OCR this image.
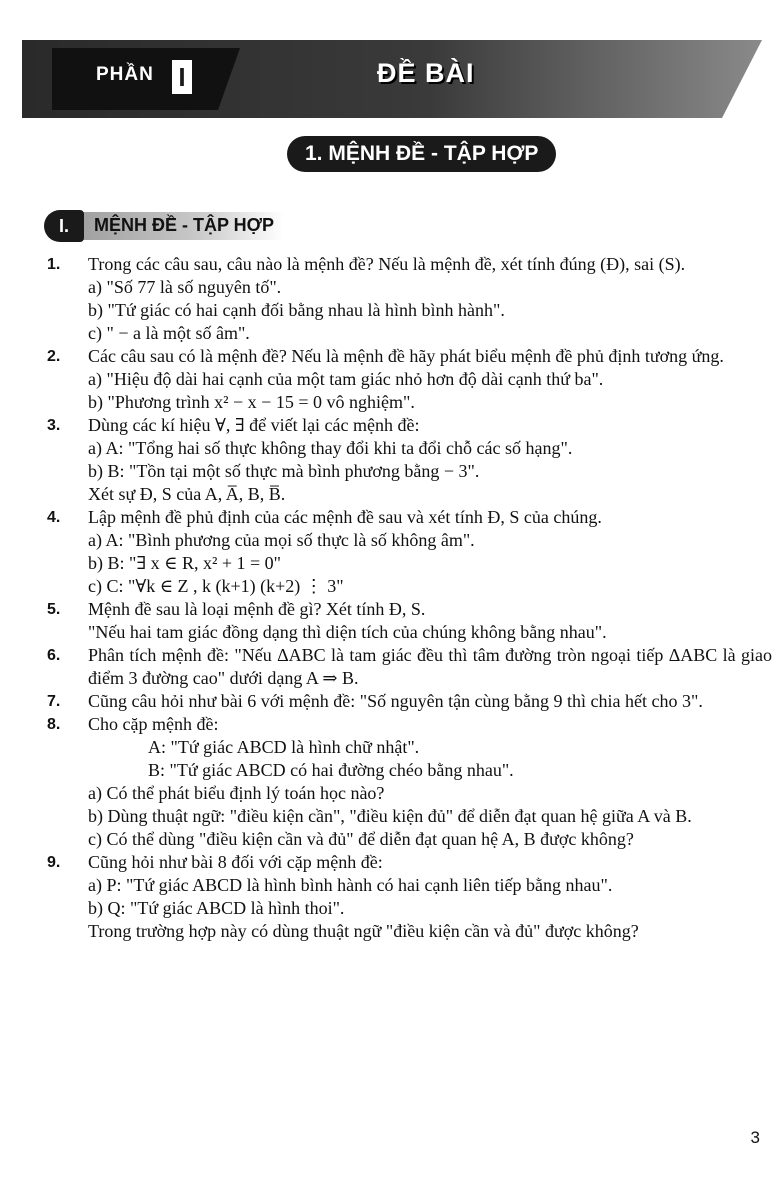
PHẦN I	ĐỀ BÀI
1. MỆNH ĐỀ - TẬP HỢP
I.	MỆNH ĐỀ - TẬP HỢP
1. Trong các câu sau, câu nào là mệnh đề? Nếu là mệnh đề, xét tính đúng (Đ), sai (S).
a) "Số 77 là số nguyên tố".
b) "Tứ giác có hai cạnh đối bằng nhau là hình bình hành".
c) " − a là một số âm".
2. Các câu sau có là mệnh đề? Nếu là mệnh đề hãy phát biểu mệnh đề phủ định tương ứng.
a) "Hiệu độ dài hai cạnh của một tam giác nhỏ hơn độ dài cạnh thứ ba".
b) "Phương trình x² − x − 15 = 0 vô nghiệm".
3. Dùng các kí hiệu ∀, ∃ để viết lại các mệnh đề:
a) A: "Tổng hai số thực không thay đổi khi ta đổi chỗ các số hạng".
b) B: "Tồn tại một số thực mà bình phương bằng − 3".
Xét sự Đ, S của A, A̅, B, B̅.
4. Lập mệnh đề phủ định của các mệnh đề sau và xét tính Đ, S của chúng.
a) A: "Bình phương của mọi số thực là số không âm".
b) B: "∃ x ∈ R, x² + 1 = 0"
c) C: "∀k ∈ Z , k (k+1) (k+2) ⋮ 3"
5. Mệnh đề sau là loại mệnh đề gì? Xét tính Đ, S.
"Nếu hai tam giác đồng dạng thì diện tích của chúng không bằng nhau".
6. Phân tích mệnh đề: "Nếu ΔABC là tam giác đều thì tâm đường tròn ngoại tiếp ΔABC là giao điểm 3 đường cao" dưới dạng A ⇒ B.
7. Cũng câu hỏi như bài 6 với mệnh đề: "Số nguyên tận cùng bằng 9 thì chia hết cho 3".
8. Cho cặp mệnh đề:
A: "Tứ giác ABCD là hình chữ nhật".
B: "Tứ giác ABCD có hai đường chéo bằng nhau".
a) Có thể phát biểu định lý toán học nào?
b) Dùng thuật ngữ: "điều kiện cần", "điều kiện đủ" để diễn đạt quan hệ giữa A và B.
c) Có thể dùng "điều kiện cần và đủ" để diễn đạt quan hệ A, B được không?
9. Cũng hỏi như bài 8 đối với cặp mệnh đề:
a) P: "Tứ giác ABCD là hình bình hành có hai cạnh liên tiếp bằng nhau".
b) Q: "Tứ giác ABCD là hình thoi".
Trong trường hợp này có dùng thuật ngữ "điều kiện cần và đủ" được không?
3
